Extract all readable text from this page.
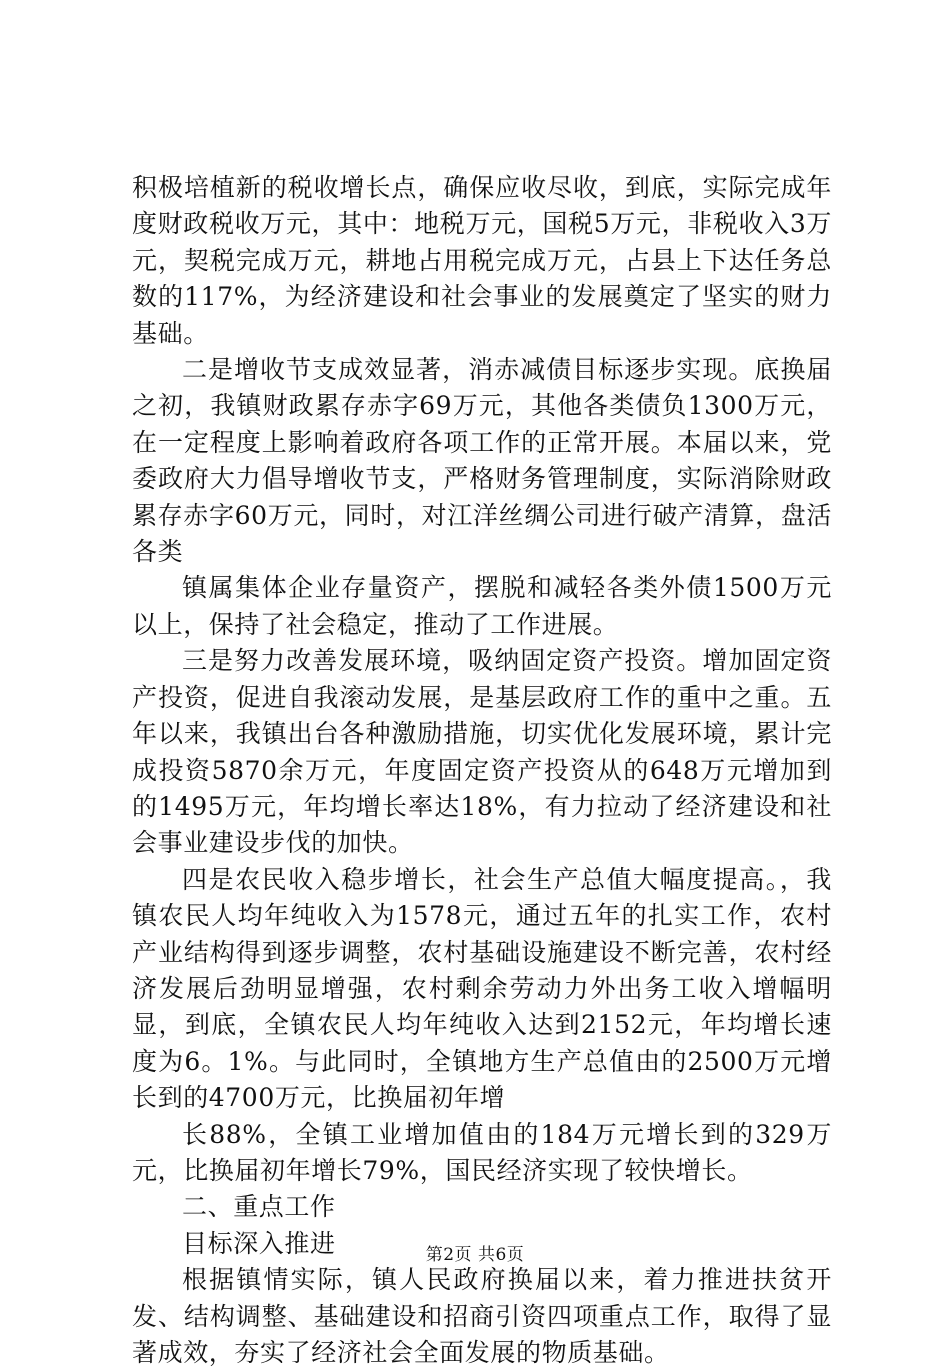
积极培植新的税收增长点，确保应收尽收，到底，实际完成年度财政税收万元，其中：地税万元，国税5万元，非税收入3万元，契税完成万元，耕地占用税完成万元，占县上下达任务总数的117%，为经济建设和社会事业的发展奠定了坚实的财力基础。

二是增收节支成效显著，消赤减债目标逐步实现。底换届之初，我镇财政累存赤字69万元，其他各类债负1300万元，在一定程度上影响着政府各项工作的正常开展。本届以来，党委政府大力倡导增收节支，严格财务管理制度，实际消除财政累存赤字60万元，同时，对江洋丝绸公司进行破产清算，盘活各类

镇属集体企业存量资产，摆脱和减轻各类外债1500万元以上，保持了社会稳定，推动了工作进展。

三是努力改善发展环境，吸纳固定资产投资。增加固定资产投资，促进自我滚动发展，是基层政府工作的重中之重。五年以来，我镇出台各种激励措施，切实优化发展环境，累计完成投资5870余万元，年度固定资产投资从的648万元增加到的1495万元，年均增长率达18%，有力拉动了经济建设和社会事业建设步伐的加快。

四是农民收入稳步增长，社会生产总值大幅度提高。，我镇农民人均年纯收入为1578元，通过五年的扎实工作，农村产业结构得到逐步调整，农村基础设施建设不断完善，农村经济发展后劲明显增强，农村剩余劳动力外出务工收入增幅明显，到底，全镇农民人均年纯收入达到2152元，年均增长速度为6。1%。与此同时，全镇地方生产总值由的2500万元增长到的4700万元，比换届初年增

长88%，全镇工业增加值由的184万元增长到的329万元，比换届初年增长79%，国民经济实现了较快增长。

二、重点工作

目标深入推进

根据镇情实际，镇人民政府换届以来，着力推进扶贫开发、结构调整、基础建设和招商引资四项重点工作，取得了显著成效，夯实了经济社会全面发展的物质基础。

第2页 共6页
